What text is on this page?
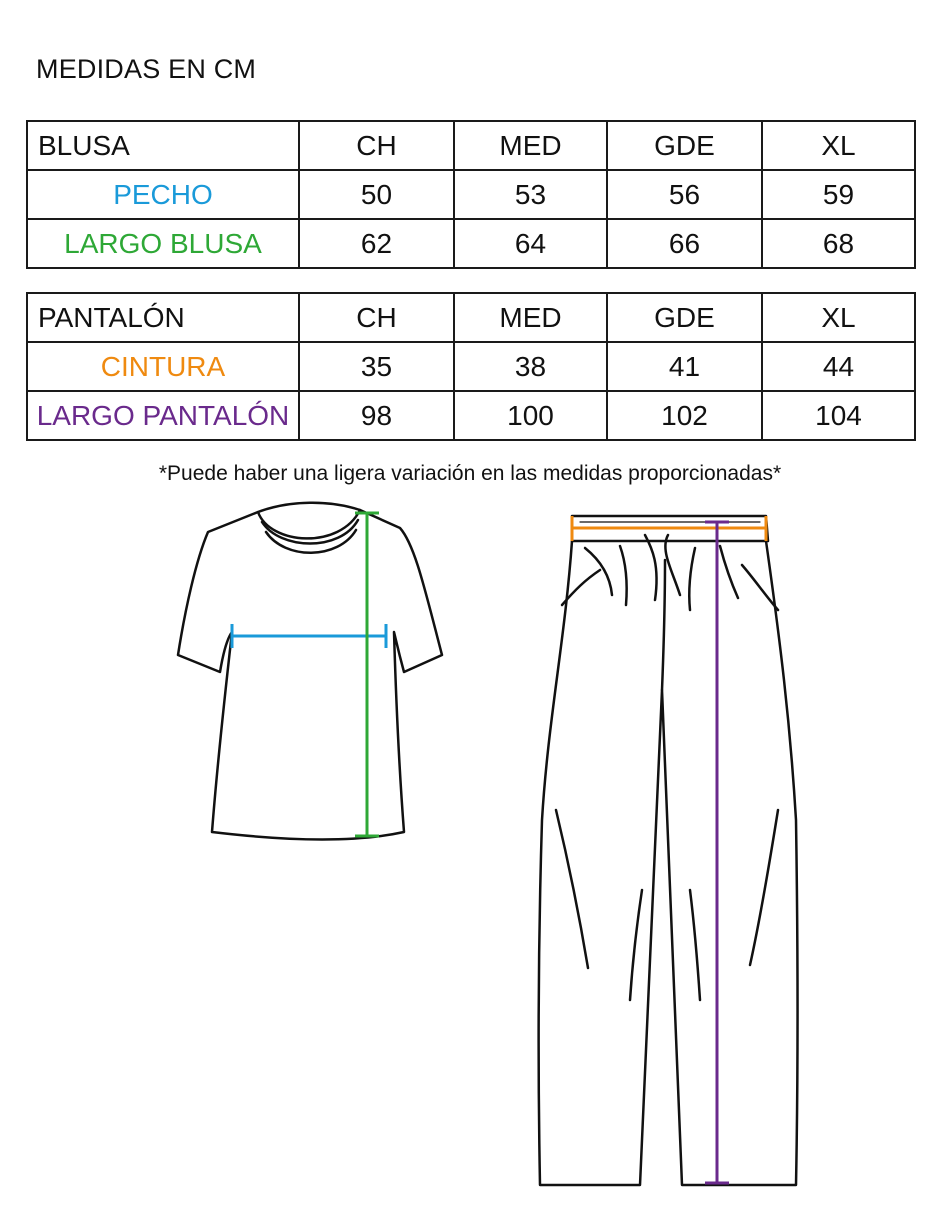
MEDIDAS EN CM
BLUSA	CH	MED	GDE	XL
PECHO	50	53	56	59
LARGO BLUSA	62	64	66	68
PANTALÓN	CH	MED	GDE	XL
CINTURA	35	38	41	44
LARGO PANTALÓN	98	100	102	104
*Puede haber una ligera variación en las medidas proporcionadas*
